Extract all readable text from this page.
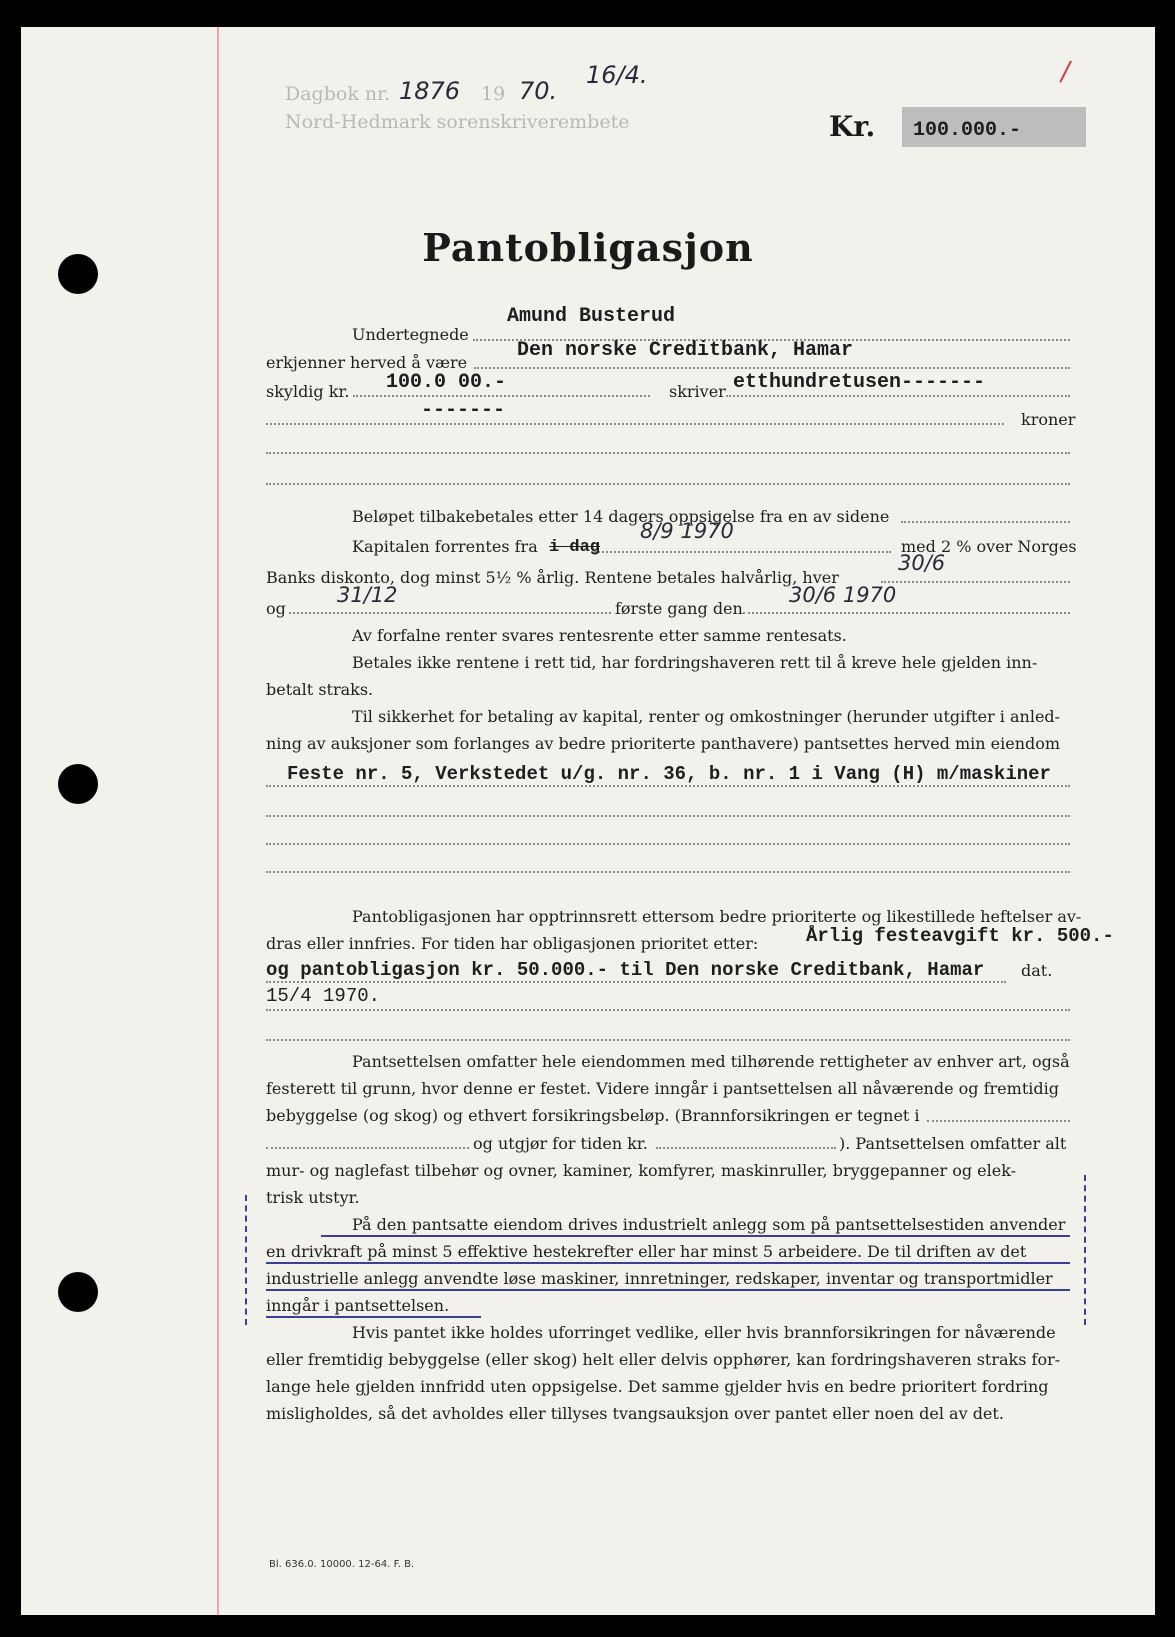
Dagbok nr. 1876 19 70.
16/4.
Nord-Hedmark sorenskriverembete
/
Kr. 100.000.-
Pantobligasjon
Undertegnede
Amund Busterud
erkjenner herved å være
Den norske Creditbank, Hamar
skyldig kr. 100.0 00.-	skriver etthundretusen-------
-------	kroner
Beløpet tilbakebetales etter 14 dagers oppsigelse fra en av sidene
Kapitalen forrentes fra i dag
8/9 1970
med 2 % over Norges
Banks diskonto, dog minst 5½ % årlig. Rentene betales halvårlig, hver
30/6
og
31/12
første gang den
30/6 1970
Av forfalne renter svares rentesrente etter samme rentesats.
Betales ikke rentene i rett tid, har fordringshaveren rett til å kreve hele gjelden inn-
betalt straks.
Til sikkerhet for betaling av kapital, renter og omkostninger (herunder utgifter i anled-
ning av auksjoner som forlanges av bedre prioriterte panthavere) pantsettes herved min eiendom
Feste nr. 5, Verkstedet u/g. nr. 36, b. nr. 1 i Vang (H) m/maskiner
Pantobligasjonen har opptrinnsrett ettersom bedre prioriterte og likestillede heftelser av-
dras eller innfries. For tiden har obligasjonen prioritet etter:	Årlig festeavgift kr. 500.-
og pantobligasjon kr. 50.000.- til Den norske Creditbank, Hamar dat.
15/4 1970.
Pantsettelsen omfatter hele eiendommen med tilhørende rettigheter av enhver art, også
festerett til grunn, hvor denne er festet. Videre inngår i pantsettelsen all nåværende og fremtidig
bebyggelse (og skog) og ethvert forsikringsbeløp. (Brannforsikringen er tegnet i
og utgjør for tiden kr.	). Pantsettelsen omfatter alt
mur- og naglefast tilbehør og ovner, kaminer, komfyrer, maskinruller, bryggepanner og elek-
trisk utstyr.
På den pantsatte eiendom drives industrielt anlegg som på pantsettelsestiden anvender
en drivkraft på minst 5 effektive hestekrefter eller har minst 5 arbeidere. De til driften av det
industrielle anlegg anvendte løse maskiner, innretninger, redskaper, inventar og transportmidler
inngår i pantsettelsen.
Hvis pantet ikke holdes uforringet vedlike, eller hvis brannforsikringen for nåværende
eller fremtidig bebyggelse (eller skog) helt eller delvis opphører, kan fordringshaveren straks for-
lange hele gjelden innfridd uten oppsigelse. Det samme gjelder hvis en bedre prioritert fordring
misligholdes, så det avholdes eller tillyses tvangsauksjon over pantet eller noen del av det.
Bl. 636.0. 10000. 12-64. F. B.
